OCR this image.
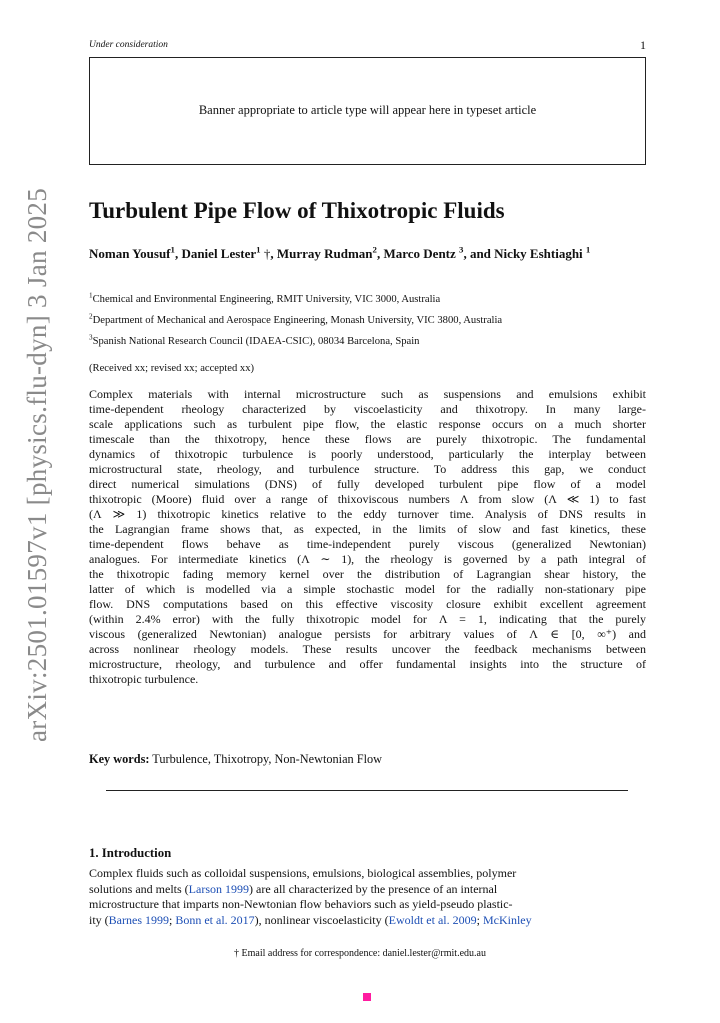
Under consideration	1
Banner appropriate to article type will appear here in typeset article
arXiv:2501.01597v1 [physics.flu-dyn] 3 Jan 2025 Turbulent Pipe Flow of Thixotropic Fluids
Noman Yousuf$^1$, Daniel Lester$^1$ †, Murray Rudman$^2$, Marco Dentz $^3$, and Nicky Eshtiaghi $^1$
$^1$Chemical and Environmental Engineering, RMIT University, VIC 3000, Australia
$^2$Department of Mechanical and Aerospace Engineering, Monash University, VIC 3800, Australia
$^3$Spanish National Research Council (IDAEA-CSIC), 08034 Barcelona, Spain
(Received xx; revised xx; accepted xx)
Complex materials with internal microstructure such as suspensions and emulsions exhibit
time-dependent rheology characterized by viscoelasticity and thixotropy. In many large-
scale applications such as turbulent pipe flow, the elastic response occurs on a much shorter
timescale than the thixotropy, hence these flows are purely thixotropic. The fundamental
dynamics of thixotropic turbulence is poorly understood, particularly the interplay between
microstructural state, rheology, and turbulence structure. To address this gap, we conduct
direct numerical simulations (DNS) of fully developed turbulent pipe flow of a model
thixotropic (Moore) fluid over a range of thixoviscous numbers Λ from slow (Λ ≪ 1) to fast
(Λ ≫ 1) thixotropic kinetics relative to the eddy turnover time. Analysis of DNS results in
the Lagrangian frame shows that, as expected, in the limits of slow and fast kinetics, these
time-dependent flows behave as time-independent purely viscous (generalized Newtonian)
analogues. For intermediate kinetics (Λ ∼ 1), the rheology is governed by a path integral of
the thixotropic fading memory kernel over the distribution of Lagrangian shear history, the
latter of which is modelled via a simple stochastic model for the radially non-stationary pipe
flow. DNS computations based on this effective viscosity closure exhibit excellent agreement
(within 2.4% error) with the fully thixotropic model for Λ = 1, indicating that the purely
viscous (generalized Newtonian) analogue persists for arbitrary values of Λ ∈ [0, ∞⁺) and
across nonlinear rheology models. These results uncover the feedback mechanisms between
microstructure, rheology, and turbulence and offer fundamental insights into the structure of
thixotropic turbulence.
Key words: Turbulence, Thixotropy, Non-Newtonian Flow
1. Introduction
Complex fluids such as colloidal suspensions, emulsions, biological assemblies, polymer
solutions and melts (Larson 1999) are all characterized by the presence of an internal
microstructure that imparts non-Newtonian flow behaviors such as yield-pseudo plastic-
ity (Barnes 1999; Bonn et al. 2017), nonlinear viscoelasticity (Ewoldt et al. 2009; McKinley
† Email address for correspondence: daniel.lester@rmit.edu.au
